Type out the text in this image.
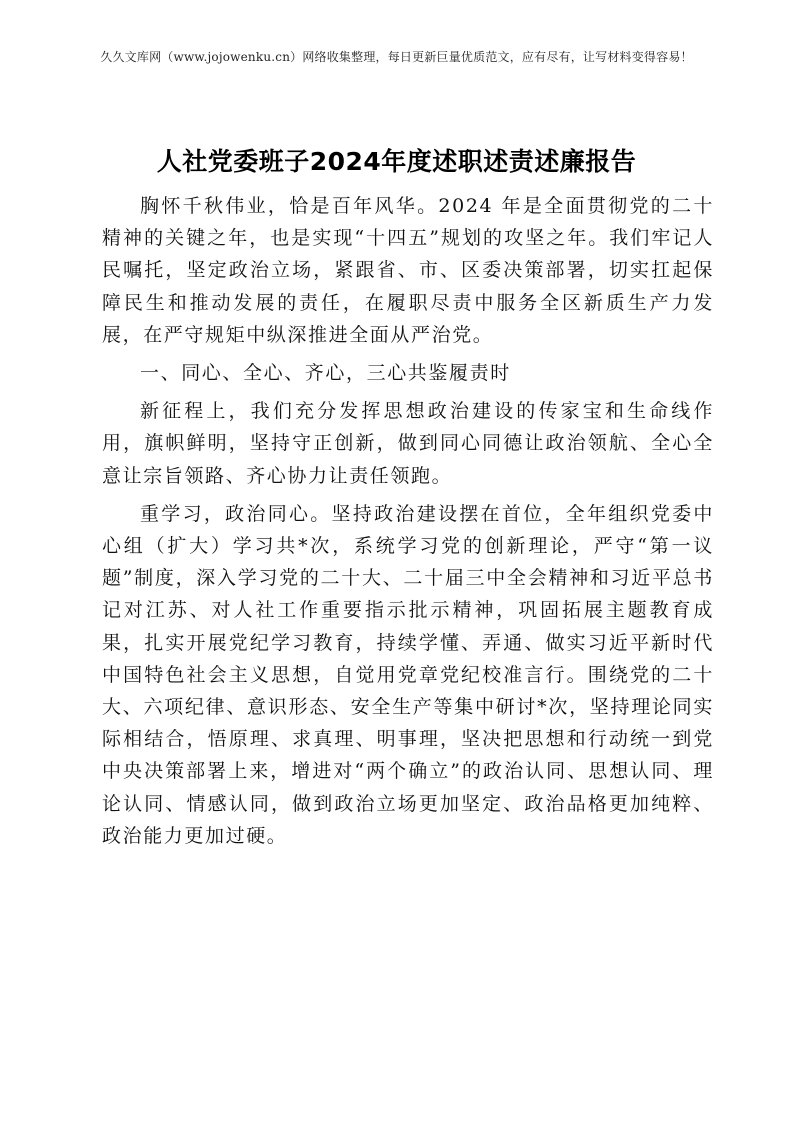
久久文库网（www.jojowenku.cn）网络收集整理，每日更新巨量优质范文，应有尽有，让写材料变得容易！
人社党委班子2024年度述职述责述廉报告

胸怀千秋伟业，恰是百年风华。2024 年是全面贯彻党的二十精神的关键之年，也是实现“十四五”规划的攻坚之年。我们牢记人民嘱托，坚定政治立场，紧跟省、市、区委决策部署，切实扛起保障民生和推动发展的责任，在履职尽责中服务全区新质生产力发展，在严守规矩中纵深推进全面从严治党。

一、同心、全心、齐心，三心共鉴履责时

新征程上，我们充分发挥思想政治建设的传家宝和生命线作用，旗帜鲜明，坚持守正创新，做到同心同德让政治领航、全心全意让宗旨领路、齐心协力让责任领跑。

重学习，政治同心。坚持政治建设摆在首位，全年组织党委中心组（扩大）学习共*次，系统学习党的创新理论，严守“第一议题”制度，深入学习党的二十大、二十届三中全会精神和习近平总书记对江苏、对人社工作重要指示批示精神，巩固拓展主题教育成果，扎实开展党纪学习教育，持续学懂、弄通、做实习近平新时代中国特色社会主义思想，自觉用党章党纪校准言行。围绕党的二十大、六项纪律、意识形态、安全生产等集中研讨*次，坚持理论同实际相结合，悟原理、求真理、明事理，坚决把思想和行动统一到党中央决策部署上来，增进对“两个确立”的政治认同、思想认同、理论认同、情感认同，做到政治立场更加坚定、政治品格更加纯粹、政治能力更加过硬。
